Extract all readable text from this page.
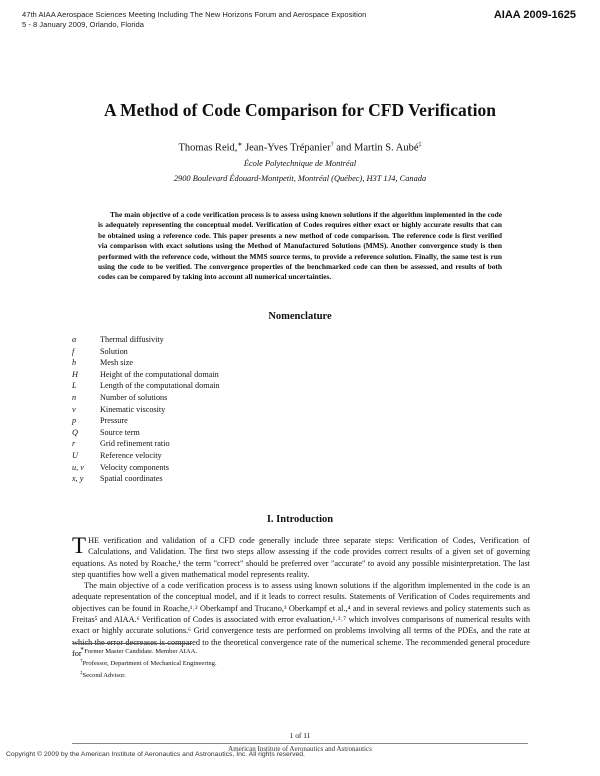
47th AIAA Aerospace Sciences Meeting Including The New Horizons Forum and Aerospace Exposition
5 - 8 January 2009, Orlando, Florida
AIAA 2009-1625
A Method of Code Comparison for CFD Verification
Thomas Reid,∗ Jean-Yves Trépanier† and Martin S. Aubé‡
École Polytechnique de Montréal
2900 Boulevard Édouard-Montpetit, Montréal (Québec), H3T 1J4, Canada
The main objective of a code verification process is to assess using known solutions if the algorithm implemented in the code is adequately representing the conceptual model. Verification of Codes requires either exact or highly accurate results that can be obtained using a reference code. This paper presents a new method of code comparison. The reference code is first verified via comparison with exact solutions using the Method of Manufactured Solutions (MMS). Another convergence study is then performed with the reference code, without the MMS source terms, to provide a reference solution. Finally, the same test is run using the code to be verified. The convergence properties of the benchmarked code can then be assessed, and results of both codes can be compared by taking into account all numerical uncertainties.
Nomenclature
α	Thermal diffusivity
f	Solution
h	Mesh size
H	Height of the computational domain
L	Length of the computational domain
n	Number of solutions
ν	Kinematic viscosity
p	Pressure
Q	Source term
r	Grid refinement ratio
U	Reference velocity
u, v	Velocity components
x, y	Spatial coordinates
I. Introduction
THE verification and validation of a CFD code generally include three separate steps: Verification of Codes, Verification of Calculations, and Validation. The first two steps allow assessing if the code provides correct results of a given set of governing equations. As noted by Roache,¹ the term "correct" should be preferred over "accurate" to avoid any possible misinterpretation. The last step quantifies how well a given mathematical model represents reality.
The main objective of a code verification process is to assess using known solutions if the algorithm implemented in the code is an adequate representation of the conceptual model, and if it leads to correct results. Statements of Verification of Codes requirements and objectives can be found in Roache,¹˒² Oberkampf and Trucano,³ Oberkampf et al.,⁴ and in several reviews and policy statements such as Freitas⁵ and AIAA.⁶ Verification of Codes is associated with error evaluation,¹˒²˒⁷ which involves comparisons of numerical results with exact or highly accurate solutions.⁶ Grid convergence tests are performed on problems involving all terms of the PDEs, and the rate at which the error decreases is compared to the theoretical convergence rate of the numerical scheme. The recommended general procedure for
∗Former Master Candidate. Member AIAA.
†Professor, Department of Mechanical Engineering.
‡Second Advisor.
1 of 11
American Institute of Aeronautics and Astronautics
Copyright © 2009 by the American Institute of Aeronautics and Astronautics, Inc. All rights reserved.
